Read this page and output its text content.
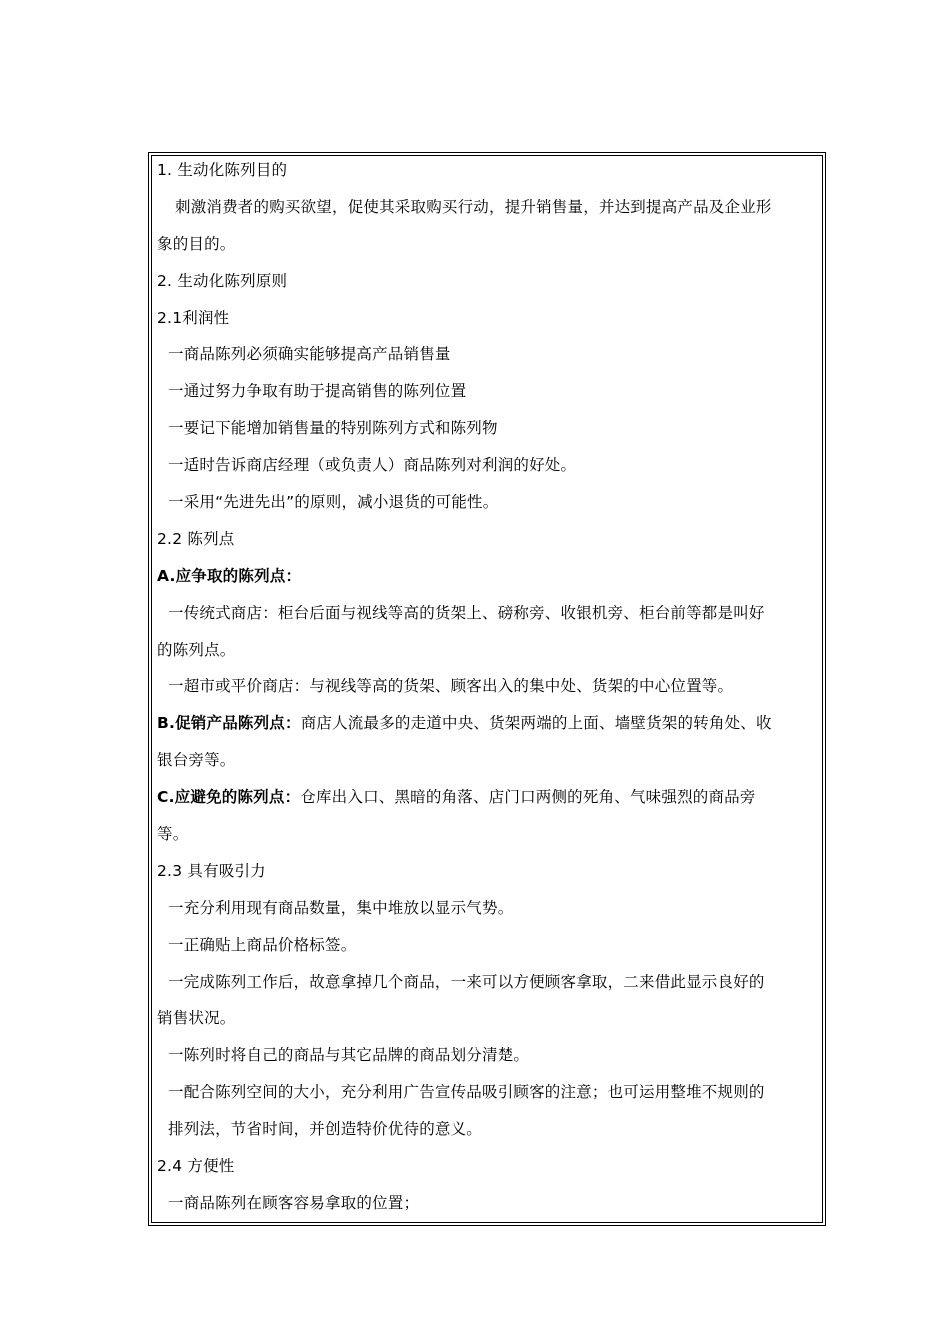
1. 生动化陈列目的
刺激消费者的购买欲望，促使其采取购买行动，提升销售量，并达到提高产品及企业形
象的目的。
2. 生动化陈列原则
2.1利润性
一商品陈列必须确实能够提高产品销售量
一通过努力争取有助于提高销售的陈列位置
一要记下能增加销售量的特别陈列方式和陈列物
一适时告诉商店经理（或负责人）商品陈列对利润的好处。
一采用“先进先出”的原则，减小退货的可能性。
2.2 陈列点
A.应争取的陈列点：
一传统式商店：柜台后面与视线等高的货架上、磅称旁、收银机旁、柜台前等都是叫好
的陈列点。
一超市或平价商店：与视线等高的货架、顾客出入的集中处、货架的中心位置等。
B.促销产品陈列点：商店人流最多的走道中央、货架两端的上面、墙壁货架的转角处、收
银台旁等。
C.应避免的陈列点：仓库出入口、黑暗的角落、店门口两侧的死角、气味强烈的商品旁
等。
2.3 具有吸引力
一充分利用现有商品数量，集中堆放以显示气势。
一正确贴上商品价格标签。
一完成陈列工作后，故意拿掉几个商品，一来可以方便顾客拿取，二来借此显示良好的
销售状况。
一陈列时将自己的商品与其它品牌的商品划分清楚。
一配合陈列空间的大小，充分利用广告宣传品吸引顾客的注意；也可运用整堆不规则的
排列法，节省时间，并创造特价优待的意义。
2.4 方便性
一商品陈列在顾客容易拿取的位置；
